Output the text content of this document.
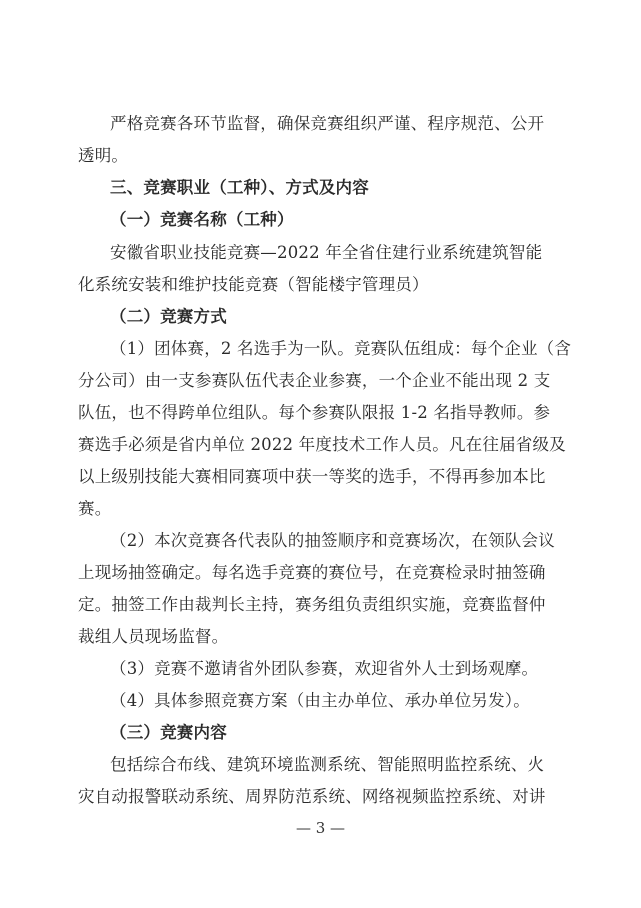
严格竞赛各环节监督，确保竞赛组织严谨、程序规范、公开
透明。
三、竞赛职业（工种）、方式及内容
（一）竞赛名称（工种）
安徽省职业技能竞赛—2022 年全省住建行业系统建筑智能
化系统安装和维护技能竞赛（智能楼宇管理员）
（二）竞赛方式
（1）团体赛，2 名选手为一队。竞赛队伍组成：每个企业（含
分公司）由一支参赛队伍代表企业参赛，一个企业不能出现 2 支
队伍，也不得跨单位组队。每个参赛队限报 1-2 名指导教师。参
赛选手必须是省内单位 2022 年度技术工作人员。凡在往届省级及
以上级别技能大赛相同赛项中获一等奖的选手，不得再参加本比
赛。
（2）本次竞赛各代表队的抽签顺序和竞赛场次，在领队会议
上现场抽签确定。每名选手竞赛的赛位号，在竞赛检录时抽签确
定。抽签工作由裁判长主持，赛务组负责组织实施，竞赛监督仲
裁组人员现场监督。
（3）竞赛不邀请省外团队参赛，欢迎省外人士到场观摩。
（4）具体参照竞赛方案（由主办单位、承办单位另发）。
（三）竞赛内容
包括综合布线、建筑环境监测系统、智能照明监控系统、火
灾自动报警联动系统、周界防范系统、网络视频监控系统、对讲
— 3 —
